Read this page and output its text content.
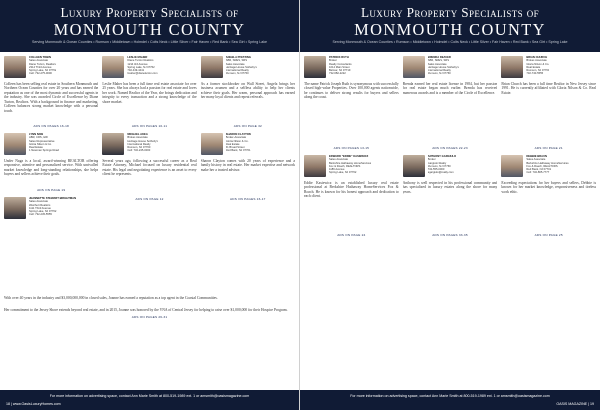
Luxury Property Specialists of
MONMOUTH COUNTY
Serving Monmouth & Ocean Counties • Rumson • Middletown • Holmdel • Colts Neck • Little Silver • Fair Haven • Red Bank • Sea Girt • Spring Lake
COLLEEN TOBIN
Sales Associate
Diane Turton, Realtors
2314 Third Avenue
Spring Lake, NJ 07762
Cell: 732-275-0000
Colleen has been selling real estate in Southern Monmouth and Northern Ocean Counties for over 20 years and has earned the reputation as one of the most dynamic and successful agents in the industry. She was awarded Circle of Excellence by Diane Turton, Realtors. With a background in finance and marketing, Colleen balances strong market knowledge with a personal touch.
ADS ON PAGES 16-18
LYNN NAW
ABR, CRS, GRI
Sales Representative
Gloria Nilson & Co.
Real Estate
1 Newman Springs Road
Under Naga is a local, award-winning REALTOR offering responsive, attentive and personalized service. With unrivalled market knowledge and long-standing relationships, she helps buyers and sellers achieve their goals.
ADS ON PAGE 19
JEANNETTE STEWART BRIGHTMAN
Sales Associate
Weichert Realtors
1111 Third Avenue
Spring Lake, NJ 07762
Cell: 732-245-5555
LESLIE MAHER
Diane Turton Realtors
1214 3rd Avenue
Spring Lake, NJ 07762
732-449-4441
lmaher@dianeturton.com
Leslie Maher has been a full time real estate associate for over 25 years. She has always had a passion for real estate and loves her work. Named Realtor of the Year, she brings dedication and integrity to every transaction and a strong knowledge of the shore market.
ADS ON PAGES 10-11
MICHAEL AKEA
Broker-Associate
Heritage House Sotheby's
International Realty
Rumson, NJ 07760
Cell: 732-245-0000
Several years ago, following a successful career as a Real Estate Attorney, Michael focused on luxury residential real estate. His legal and negotiating experience is an asset to every client he represents.
ADS ON PAGE 12
ANGELA PFETZING
ABR, SRES, SRS
Sales Associate
Heritage House Sotheby's
International Realty
Rumson, NJ 07760
As a former stockbroker on Wall Street, Angela brings her business acumen and a selfless ability to help her clients achieve their goals. Her warm, personal approach has earned her many loyal clients and repeat referrals.
ADS ON PAGE 32
SHARON CLAYTON
Broker-Associate
Gloria Nilson & Co.
Real Estate
61 Broad Street
Red Bank, NJ 07701
Sharon Clayton comes with 20 years of experience and a family history in real estate. Her market expertise and network make her a trusted advisor.
ADS ON PAGES 16-17
With over 40 years in the industry and $3,000,000,000 in closed sales, Joanne has earned a reputation as a top agent in the Coastal Communities.
Her commitment to the Jersey Shore extends beyond real estate, and in 2015, Joanne was honored by the VNA of Central Jersey for helping to raise over $1,000,000 for their Hospice Program.
ADS ON PAGES 26-31
For more information on advertising space, contact Ann Marie Smith at 800-519-1989 ext. 1 or amsmith@oasismagazine.com
18 | www.OasisLuxuryHomes.com
Luxury Property Specialists of
MONMOUTH COUNTY
Serving Monmouth & Ocean Counties • Rumson • Middletown • Holmdel • Colts Neck • Little Silver • Fair Haven • Red Bank • Sea Girt • Spring Lake
PATRICK RUTH
Broker
Realty Consultants
1014 Main Street
Belmar, NJ 07719
732-682-2222
The name Patrick Joseph Ruth is synonymous with successfully closed high-value Properties. Over 100,000 agents nationwide, he continues to deliver strong results for buyers and sellers along the coast.
ADS ON PAGES 13-15
EDWARD "EDDIE" KASIEWICZ
Sales Associate
Berkshire Hathaway HomeServices
Fox & Roach, REALTORS
1186 Avenue
Spring Lake, NJ 07762
Eddie Kasiewicz is an established luxury real estate professional at Berkshire Hathaway HomeServices Fox & Roach. He is known for his honest approach and dedication to each client.
ADS ON PAGE 24
BRENDA DEAVER
ABR, SRES, SRS
Sales Associate
Heritage House Sotheby's
International Realty
Rumson, NJ 07760
Brenda earned her real estate license in 1984, but her passion for real estate began much earlier. Brenda has received numerous awards and is a member of the Circle of Excellence.
ADS ON PAGES 22-23
ANTHONY GARGIULO
Broker
Gargiulo Realty
Rumson, NJ 07760
732-555-0000
agargiulo@realty.com
Anthony is well respected in his professional community and has specialized in luxury estates along the shore for many years.
ADS ON PAGES 33-35
BRIAN CHURCH
Broker-Associate
Gloria Nilson & Co.
Real Estate
Rumson, NJ 07760
732-740-5555
Brian Church has been a full time Realtor in New Jersey since 1991. He is currently affiliated with Gloria Nilson & Co. Real Estate.
ADS ON PAGE 21
DEBBIE BRAUN
Sales Associate
Berkshire Hathaway HomeServices
Fox & Roach, REALTORS
Red Bank, NJ 07701
Cell: 732-865-7777
Exceeding expectations for her buyers and sellers, Debbie is known for her market knowledge, responsiveness and tireless work ethic.
ADS ON PAGE 25
For more information on advertising space, contact Ann Marie Smith at 800-519-1989 ext. 1 or amsmith@oasismagazine.com
OASIS MAGAZINE | 19
